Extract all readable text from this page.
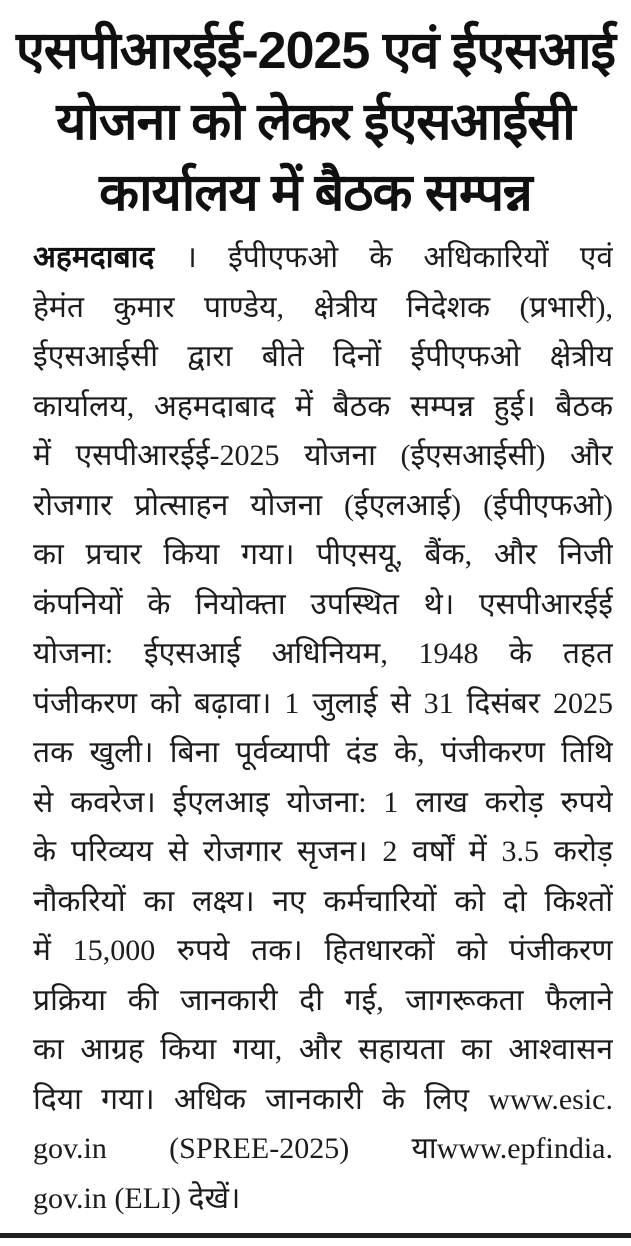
एसपीआरईई-2025 एवं ईएसआई
योजना को लेकर ईएसआईसी
कार्यालय में बैठक सम्पन्न
अहमदाबाद । ईपीएफओ के अधिकारियों एवं
हेमंत कुमार पाण्डेय, क्षेत्रीय निदेशक (प्रभारी),
ईएसआईसी द्वारा बीते दिनों ईपीएफओ क्षेत्रीय
कार्यालय, अहमदाबाद में बैठक सम्पन्न हुई। बैठक
में एसपीआरईई-2025 योजना (ईएसआईसी) और
रोजगार प्रोत्साहन योजना (ईएलआई) (ईपीएफओ)
का प्रचार किया गया। पीएसयू, बैंक, और निजी
कंपनियों के नियोक्ता उपस्थित थे। एसपीआरईई
योजना: ईएसआई अधिनियम, 1948 के तहत
पंजीकरण को बढ़ावा। 1 जुलाई से 31 दिसंबर 2025
तक खुली। बिना पूर्वव्यापी दंड के, पंजीकरण तिथि
से कवरेज। ईएलआइ योजना: 1 लाख करोड़ रुपये
के परिव्यय से रोजगार सृजन। 2 वर्षों में 3.5 करोड़
नौकरियों का लक्ष्य। नए कर्मचारियों को दो किश्तों
में 15,000 रुपये तक। हितधारकों को पंजीकरण
प्रक्रिया की जानकारी दी गई, जागरूकता फैलाने
का आग्रह किया गया, और सहायता का आश्वासन
दिया गया। अधिक जानकारी के लिए www.esic.
gov.in (SPREE-2025) याwww.epfindia.
gov.in (ELI) देखें।
